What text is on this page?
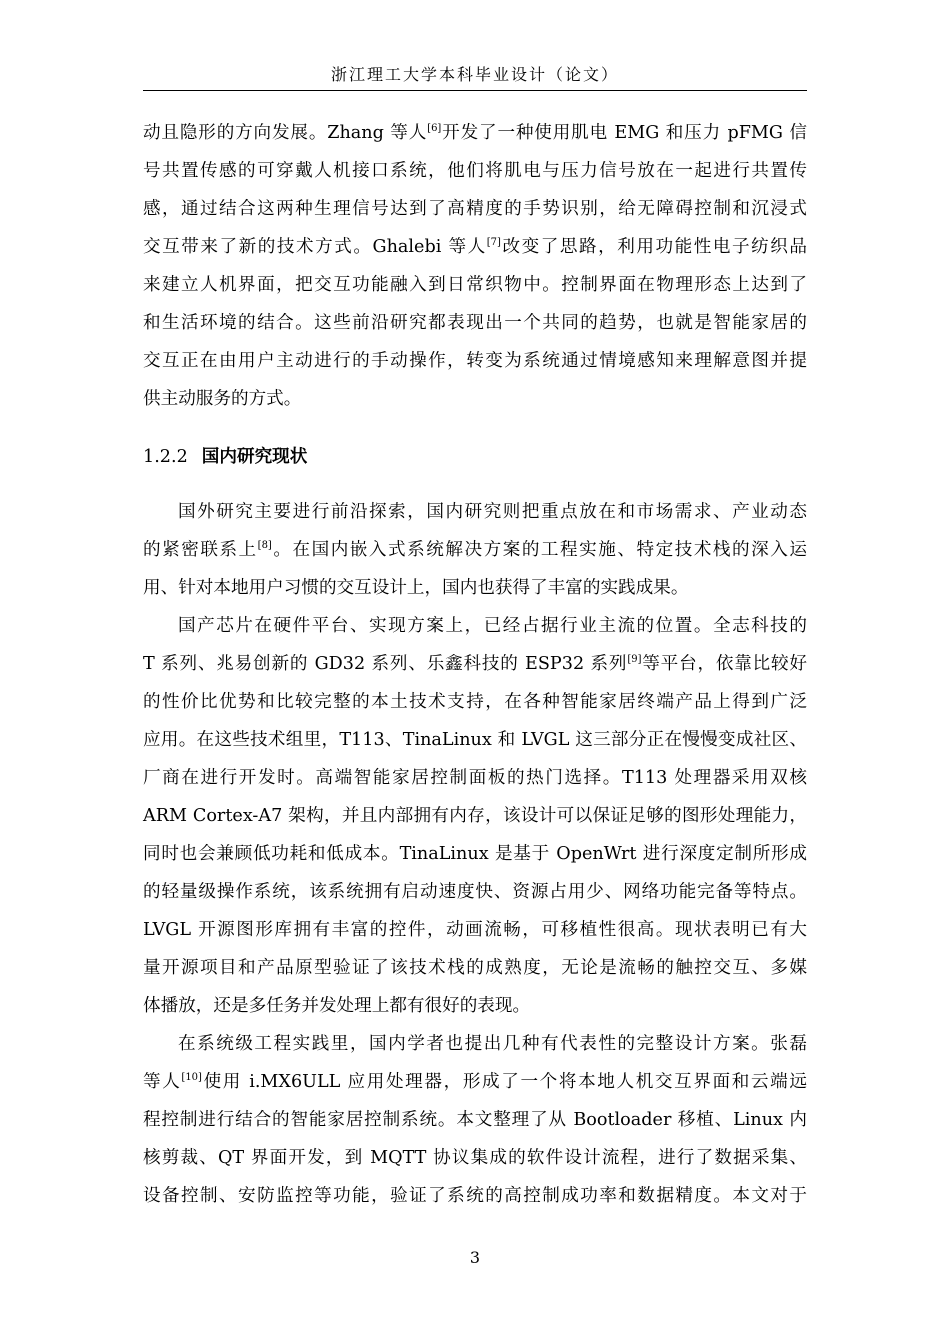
浙江理工大学本科毕业设计（论文）
动且隐形的方向发展。Zhang 等人[6]开发了一种使用肌电 EMG 和压力 pFMG 信
号共置传感的可穿戴人机接口系统，他们将肌电与压力信号放在一起进行共置传
感，通过结合这两种生理信号达到了高精度的手势识别，给无障碍控制和沉浸式
交互带来了新的技术方式。Ghalebi 等人[7]改变了思路，利用功能性电子纺织品
来建立人机界面，把交互功能融入到日常织物中。控制界面在物理形态上达到了
和生活环境的结合。这些前沿研究都表现出一个共同的趋势，也就是智能家居的
交互正在由用户主动进行的手动操作，转变为系统通过情境感知来理解意图并提
供主动服务的方式。
1.2.2 国内研究现状
国外研究主要进行前沿探索，国内研究则把重点放在和市场需求、产业动态
的紧密联系上[8]。在国内嵌入式系统解决方案的工程实施、特定技术栈的深入运
用、针对本地用户习惯的交互设计上，国内也获得了丰富的实践成果。
国产芯片在硬件平台、实现方案上，已经占据行业主流的位置。全志科技的
T 系列、兆易创新的 GD32 系列、乐鑫科技的 ESP32 系列[9]等平台，依靠比较好
的性价比优势和比较完整的本土技术支持，在各种智能家居终端产品上得到广泛
应用。在这些技术组里，T113、TinaLinux 和 LVGL 这三部分正在慢慢变成社区、
厂商在进行开发时。高端智能家居控制面板的热门选择。T113 处理器采用双核
ARM Cortex-A7 架构，并且内部拥有内存，该设计可以保证足够的图形处理能力，
同时也会兼顾低功耗和低成本。TinaLinux 是基于 OpenWrt 进行深度定制所形成
的轻量级操作系统，该系统拥有启动速度快、资源占用少、网络功能完备等特点。
LVGL 开源图形库拥有丰富的控件，动画流畅，可移植性很高。现状表明已有大
量开源项目和产品原型验证了该技术栈的成熟度，无论是流畅的触控交互、多媒
体播放，还是多任务并发处理上都有很好的表现。
在系统级工程实践里，国内学者也提出几种有代表性的完整设计方案。张磊
等人[10]使用 i.MX6ULL 应用处理器，形成了一个将本地人机交互界面和云端远
程控制进行结合的智能家居控制系统。本文整理了从 Bootloader 移植、Linux 内
核剪裁、QT 界面开发，到 MQTT 协议集成的软件设计流程，进行了数据采集、
设备控制、安防监控等功能，验证了系统的高控制成功率和数据精度。本文对于
3
